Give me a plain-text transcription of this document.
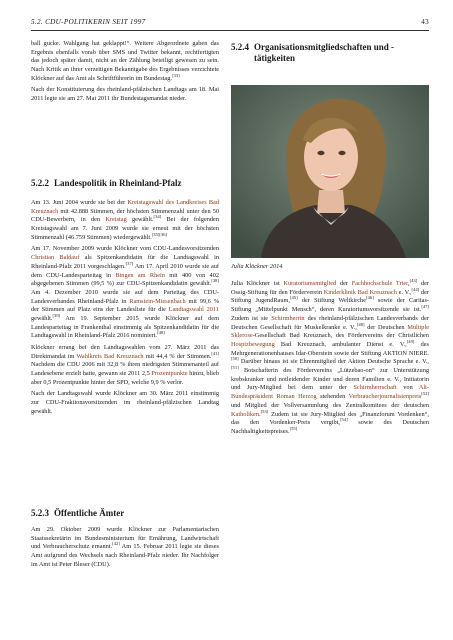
5.2. CDU-POLITIKERIN SEIT 1997	43

ball gucke. Wahlgang hat geklappt!“. Weitere Abgeordnete gaben das Ergebnis ebenfalls vorab über SMS und Twitter bekannt, rechtfertigten das jedoch später damit, nicht an der Zählung beteiligt gewesen zu sein. Nach Kritik an ihrer verzeitigen Bekanntgabe des Ergebnisses verzichtete Klöckner auf das Amt als Schriftführerin im Bundestag.[33]

Nach der Konstituierung des rheinland-pfälzischen Landtags am 18. Mai 2011 legte sie am 27. Mai 2011 ihr Bundestagsmandat nieder.

5.2.2 Landespolitik in Rheinland-Pfalz

Am 13. Juni 2004 wurde sie bei der Kreistagswahl des Landkreises Bad Kreuznach mit 42.888 Stimmen, der höchsten Stimmenzahl unter den 50 CDU-Bewerbern, in den Kreistag gewählt.[34] Bei der folgenden Kreistagswahl am 7. Juni 2009 wurde sie erneut mit der höchsten Stimmenzahl (46.759 Stimmen) wiedergewählt.[35][36]

Am 17. November 2009 wurde Klöckner vom CDU-Landesvorsitzenden Christian Baldauf als Spitzenkandidatin für die Landtagswahl in Rheinland-Pfalz 2011 vorgeschlagen.[37] Am 17. April 2010 wurde sie auf dem CDU-Landesparteitag in Bingen am Rhein mit 400 von 402 abgegebenen Stimmen (99,5 %) zur CDU-Spitzenkandidatin gewählt.[38] Am 4. Dezember 2010 wurde sie auf dem Parteitag des CDU-Landesverbandes Rheinland-Pfalz in Ramstein-Miesenbach mit 99,6 % der Stimmen auf Platz eins der Landesliste für die Landtagswahl 2011 gewählt.[39] Am 19. September 2015 wurde Klöckner auf dem Landesparteitag in Frankenthal einstimmig als Spitzenkandidatin für die Landtagswahl in Rheinland-Pfalz 2016 nominiert.[40]

Klöckner errang bei den Landtagswahlen vom 27. März 2011 das Direktmandat im Wahlkreis Bad Kreuznach mit 44,4 % der Stimmen.[41] Nachdem die CDU 2006 mit 32,8 % ihren niedrigsten Stimmenanteil auf Landesebene erzielt hatte, gewann sie 2011 2,5 Prozentpunkte hinzu, blieb aber 0,5 Prozentpunkte hinter der SPD, welche 9,9 % verlor.

Nach der Landtagswahl wurde Klöckner am 30. März 2011 einstimmig zur CDU-Fraktionsvorsitzenden im rheinland-pfälzischen Landtag gewählt.

5.2.3 Öffentliche Ämter

Am 29. Oktober 2009 wurde Klöckner zur Parlamentarischen Staatssekretärin im Bundesministerium für Ernährung, Landwirtschaft und Verbraucherschutz ernannt.[42] Am 15. Februar 2011 legte sie dieses Amt aufgrund des Wechsels nach Rheinland-Pfalz nieder. Ihr Nachfolger im Amt ist Peter Bleser (CDU).

5.2.4 Organisationsmitgliedschaften und -
tätigkeiten
Julia Klöckner 2014

Julia Klöckner ist Kuratoriumsmitglied der Fachhochschule Trier,[43] der Ossig-Stiftung für den Förderverein Kinderklinik Bad Kreuznach e. V.,[44] der Stiftung JugendRaum,[45] der Stiftung Weltkirche[46] sowie der Caritas-Stiftung „Mittelpunkt Mensch“, deren Kuratoriumsvorsitzende sie ist.[47] Zudem ist sie Schirmherrin des rheinland-pfälzischen Landesverbands der Deutschen Gesellschaft für Muskelkranke e. V.,[48] der Deutschen Multiple Sklerose-Gesellschaft Bad Kreuznach, des Fördervereins der Christlichen Hospizbewegung Bad Kreuznach, ambulanter Dienst e. V.,[49] des Mehrgenerationenhauses Idar-Oberstein sowie der Stiftung AKTION NIERE.[50] Darüber hinaus ist sie Ehrenmitglied der Aktion Deutsche Sprache e. V.,[51] Botschafterin des Fördervereins „Lützebao-on“ zur Unterstützung krebskranker und notleidender Kinder und deren Familien e. V., Initiatorin und Jury-Mitglied bei dem unter der Schirmherrschaft von Alt-Bundespräsident Roman Herzog stehenden Verbraucherjournalistenpreis[52] und Mitglied der Vollversammlung des Zentralkomitees der deutschen Katholiken.[53] Zudem ist sie Jury-Mitglied des „Finanzforum Vordenken“, das den Vordenker-Preis vergibt,[54] sowie des Deutschen Nachhaltigkeitspreises.[55]
